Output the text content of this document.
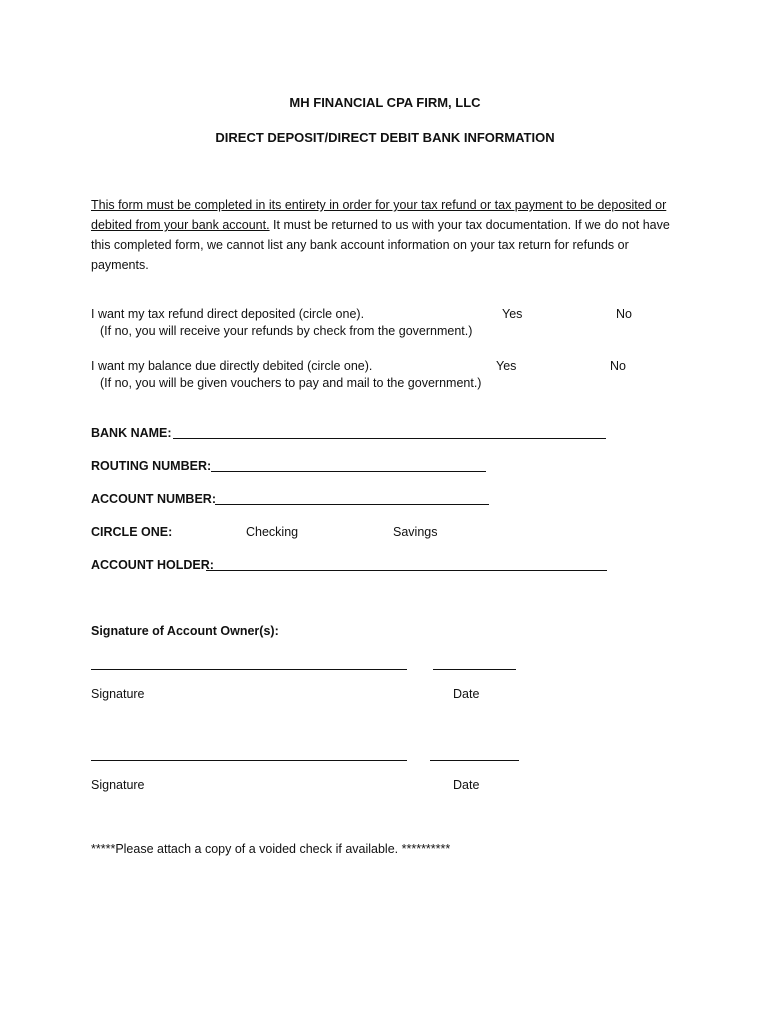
MH FINANCIAL CPA FIRM, LLC
DIRECT DEPOSIT/DIRECT DEBIT BANK INFORMATION
This form must be completed in its entirety in order for your tax refund or tax payment to be deposited or debited from your bank account. It must be returned to us with your tax documentation. If we do not have this completed form, we cannot list any bank account information on your tax return for refunds or payments.
I want my tax refund direct deposited (circle one).	Yes	No
(If no, you will receive your refunds by check from the government.)
I want my balance due directly debited (circle one).	Yes	No
(If no, you will be given vouchers to pay and mail to the government.)
BANK NAME:
ROUTING NUMBER:
ACCOUNT NUMBER:
CIRCLE ONE:	Checking	Savings
ACCOUNT HOLDER:
Signature of Account Owner(s):
Signature	Date
Signature	Date
*****Please attach a copy of a voided check if available. **********
